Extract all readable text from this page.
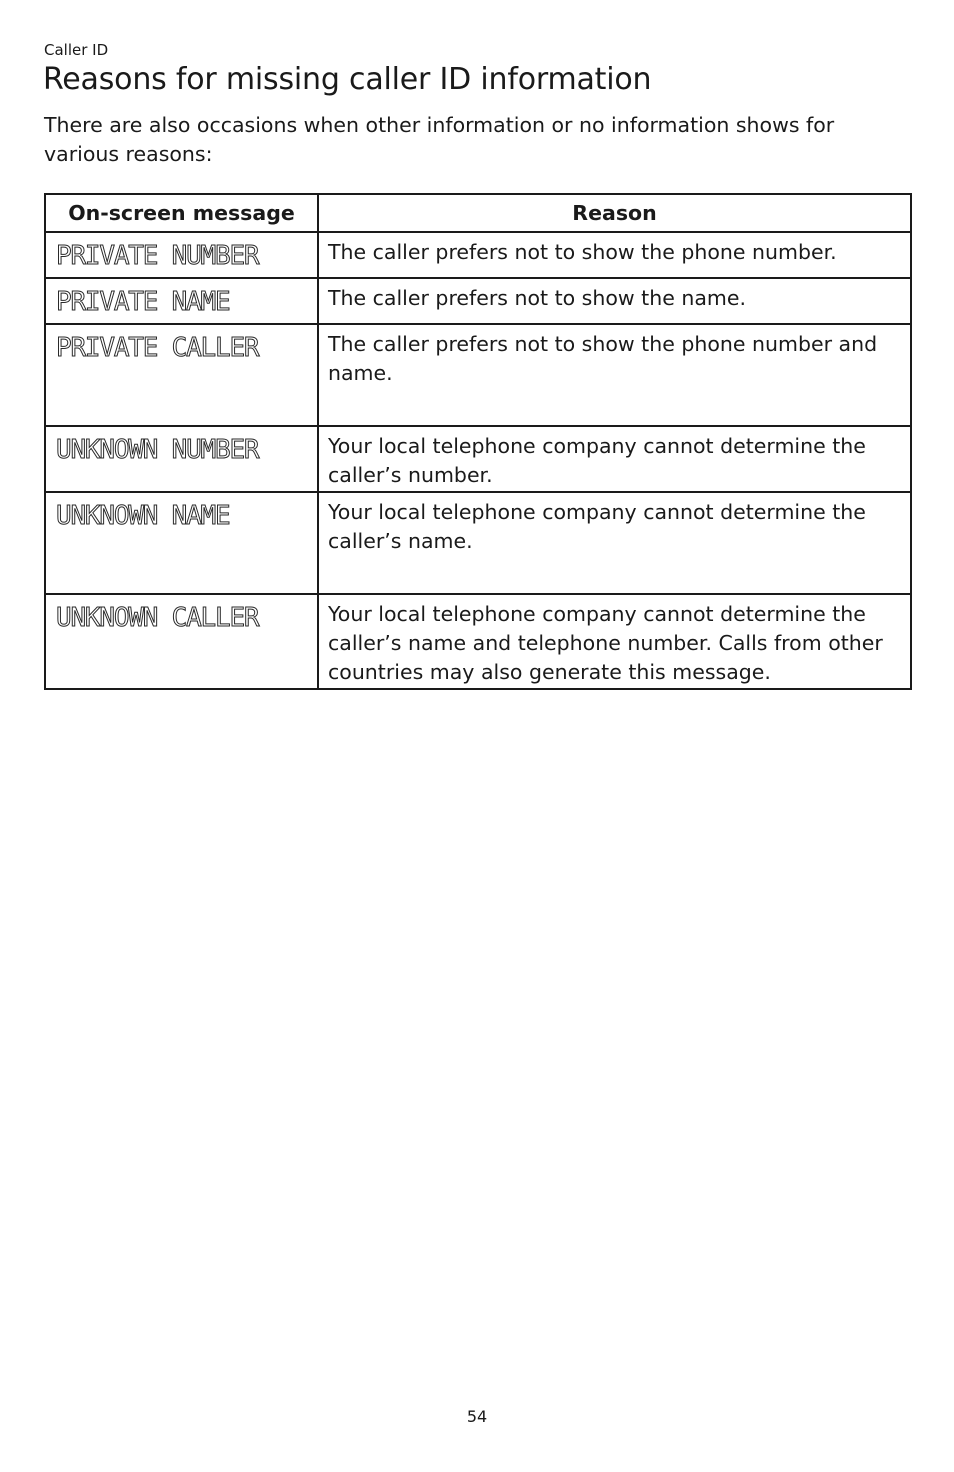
Caller ID
Reasons for missing caller ID information

There are also occasions when other information or no information shows for various reasons:

On-screen message	Reason

PRIVATE NUMBER	The caller prefers not to show the phone number.

PRIVATE NAME	The caller prefers not to show the name.

PRIVATE CALLER	The caller prefers not to show the phone number and name.

UNKNOWN NUMBER	Your local telephone company cannot determine the caller’s number.

UNKNOWN NAME	Your local telephone company cannot determine the caller’s name.

UNKNOWN CALLER	Your local telephone company cannot determine the caller’s name and telephone number. Calls from other countries may also generate this message.
54
